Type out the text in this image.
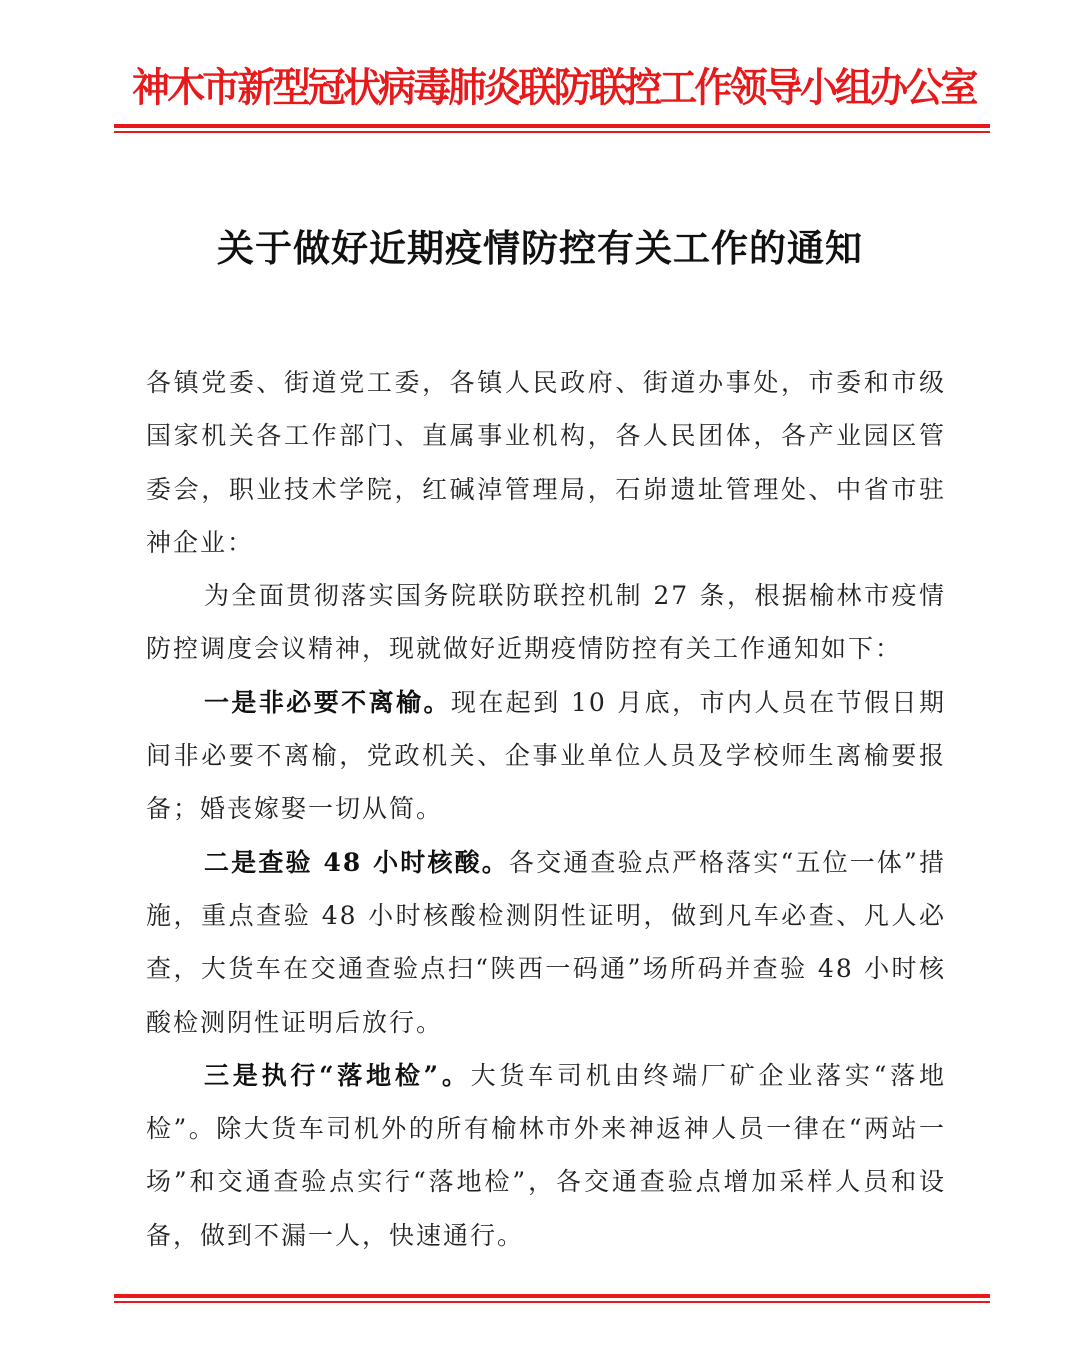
神木市新型冠状病毒肺炎联防联控工作领导小组办公室
关于做好近期疫情防控有关工作的通知

各镇党委、街道党工委，各镇人民政府、街道办事处，市委和市级国家机关各工作部门、直属事业机构，各人民团体，各产业园区管委会，职业技术学院，红碱淖管理局，石峁遗址管理处、中省市驻神企业：

为全面贯彻落实国务院联防联控机制 27 条，根据榆林市疫情防控调度会议精神，现就做好近期疫情防控有关工作通知如下：

一是非必要不离榆。现在起到 10 月底，市内人员在节假日期间非必要不离榆，党政机关、企事业单位人员及学校师生离榆要报备；婚丧嫁娶一切从简。

二是查验 48 小时核酸。各交通查验点严格落实“五位一体”措施，重点查验 48 小时核酸检测阴性证明，做到凡车必查、凡人必查，大货车在交通查验点扫“陕西一码通”场所码并查验 48 小时核酸检测阴性证明后放行。

三是执行“落地检”。大货车司机由终端厂矿企业落实“落地检”。除大货车司机外的所有榆林市外来神返神人员一律在“两站一场”和交通查验点实行“落地检”，各交通查验点增加采样人员和设备，做到不漏一人，快速通行。
